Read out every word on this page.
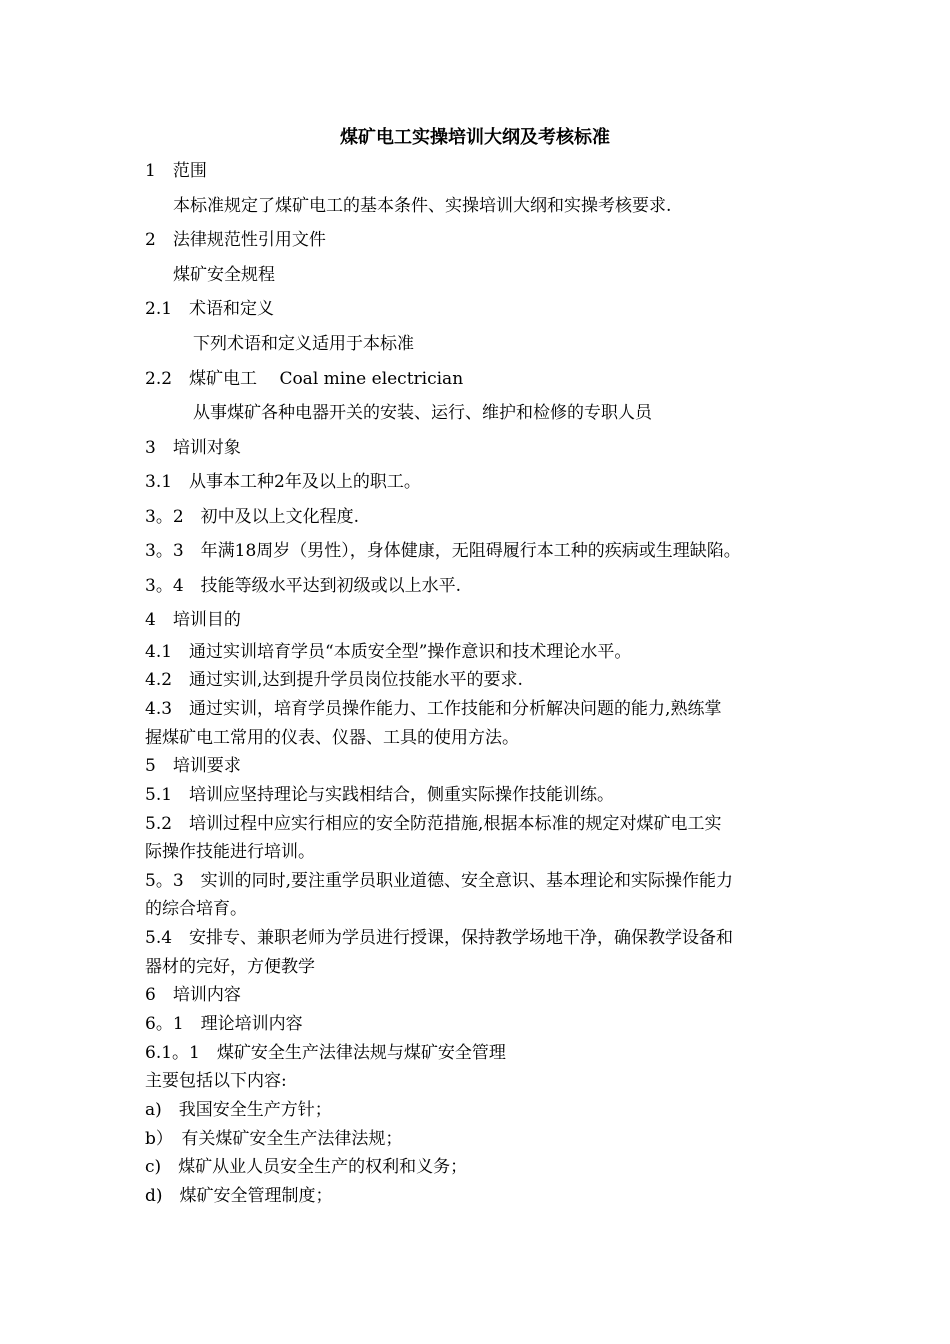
煤矿电工实操培训大纲及考核标准
1　范围
本标准规定了煤矿电工的基本条件、实操培训大纲和实操考核要求.
2　法律规范性引用文件
煤矿安全规程
2.1　术语和定义
下列术语和定义适用于本标准
2.2　煤矿电工　 Coal mine electrician
从事煤矿各种电器开关的安装、运行、维护和检修的专职人员
3　培训对象
3.1　从事本工种2年及以上的职工。
3。2　初中及以上文化程度.
3。3　年满18周岁（男性），身体健康，无阻碍履行本工种的疾病或生理缺陷。
3。4　技能等级水平达到初级或以上水平.
4　培训目的
4.1　通过实训培育学员“本质安全型”操作意识和技术理论水平。
4.2　通过实训,达到提升学员岗位技能水平的要求.
4.3　通过实训，培育学员操作能力、工作技能和分析解决问题的能力,熟练掌
握煤矿电工常用的仪表、仪器、工具的使用方法。
5　培训要求
5.1　培训应坚持理论与实践相结合，侧重实际操作技能训练。
5.2　培训过程中应实行相应的安全防范措施,根据本标准的规定对煤矿电工实
际操作技能进行培训。
5。3　实训的同时,要注重学员职业道德、安全意识、基本理论和实际操作能力
的综合培育。
5.4　安排专、兼职老师为学员进行授课，保持教学场地干净，确保教学设备和
器材的完好，方便教学
6　培训内容
6。1　理论培训内容
6.1。1　煤矿安全生产法律法规与煤矿安全管理
主要包括以下内容:
a)　我国安全生产方针；
b）　有关煤矿安全生产法律法规；
c)　煤矿从业人员安全生产的权利和义务；
d)　煤矿安全管理制度；
